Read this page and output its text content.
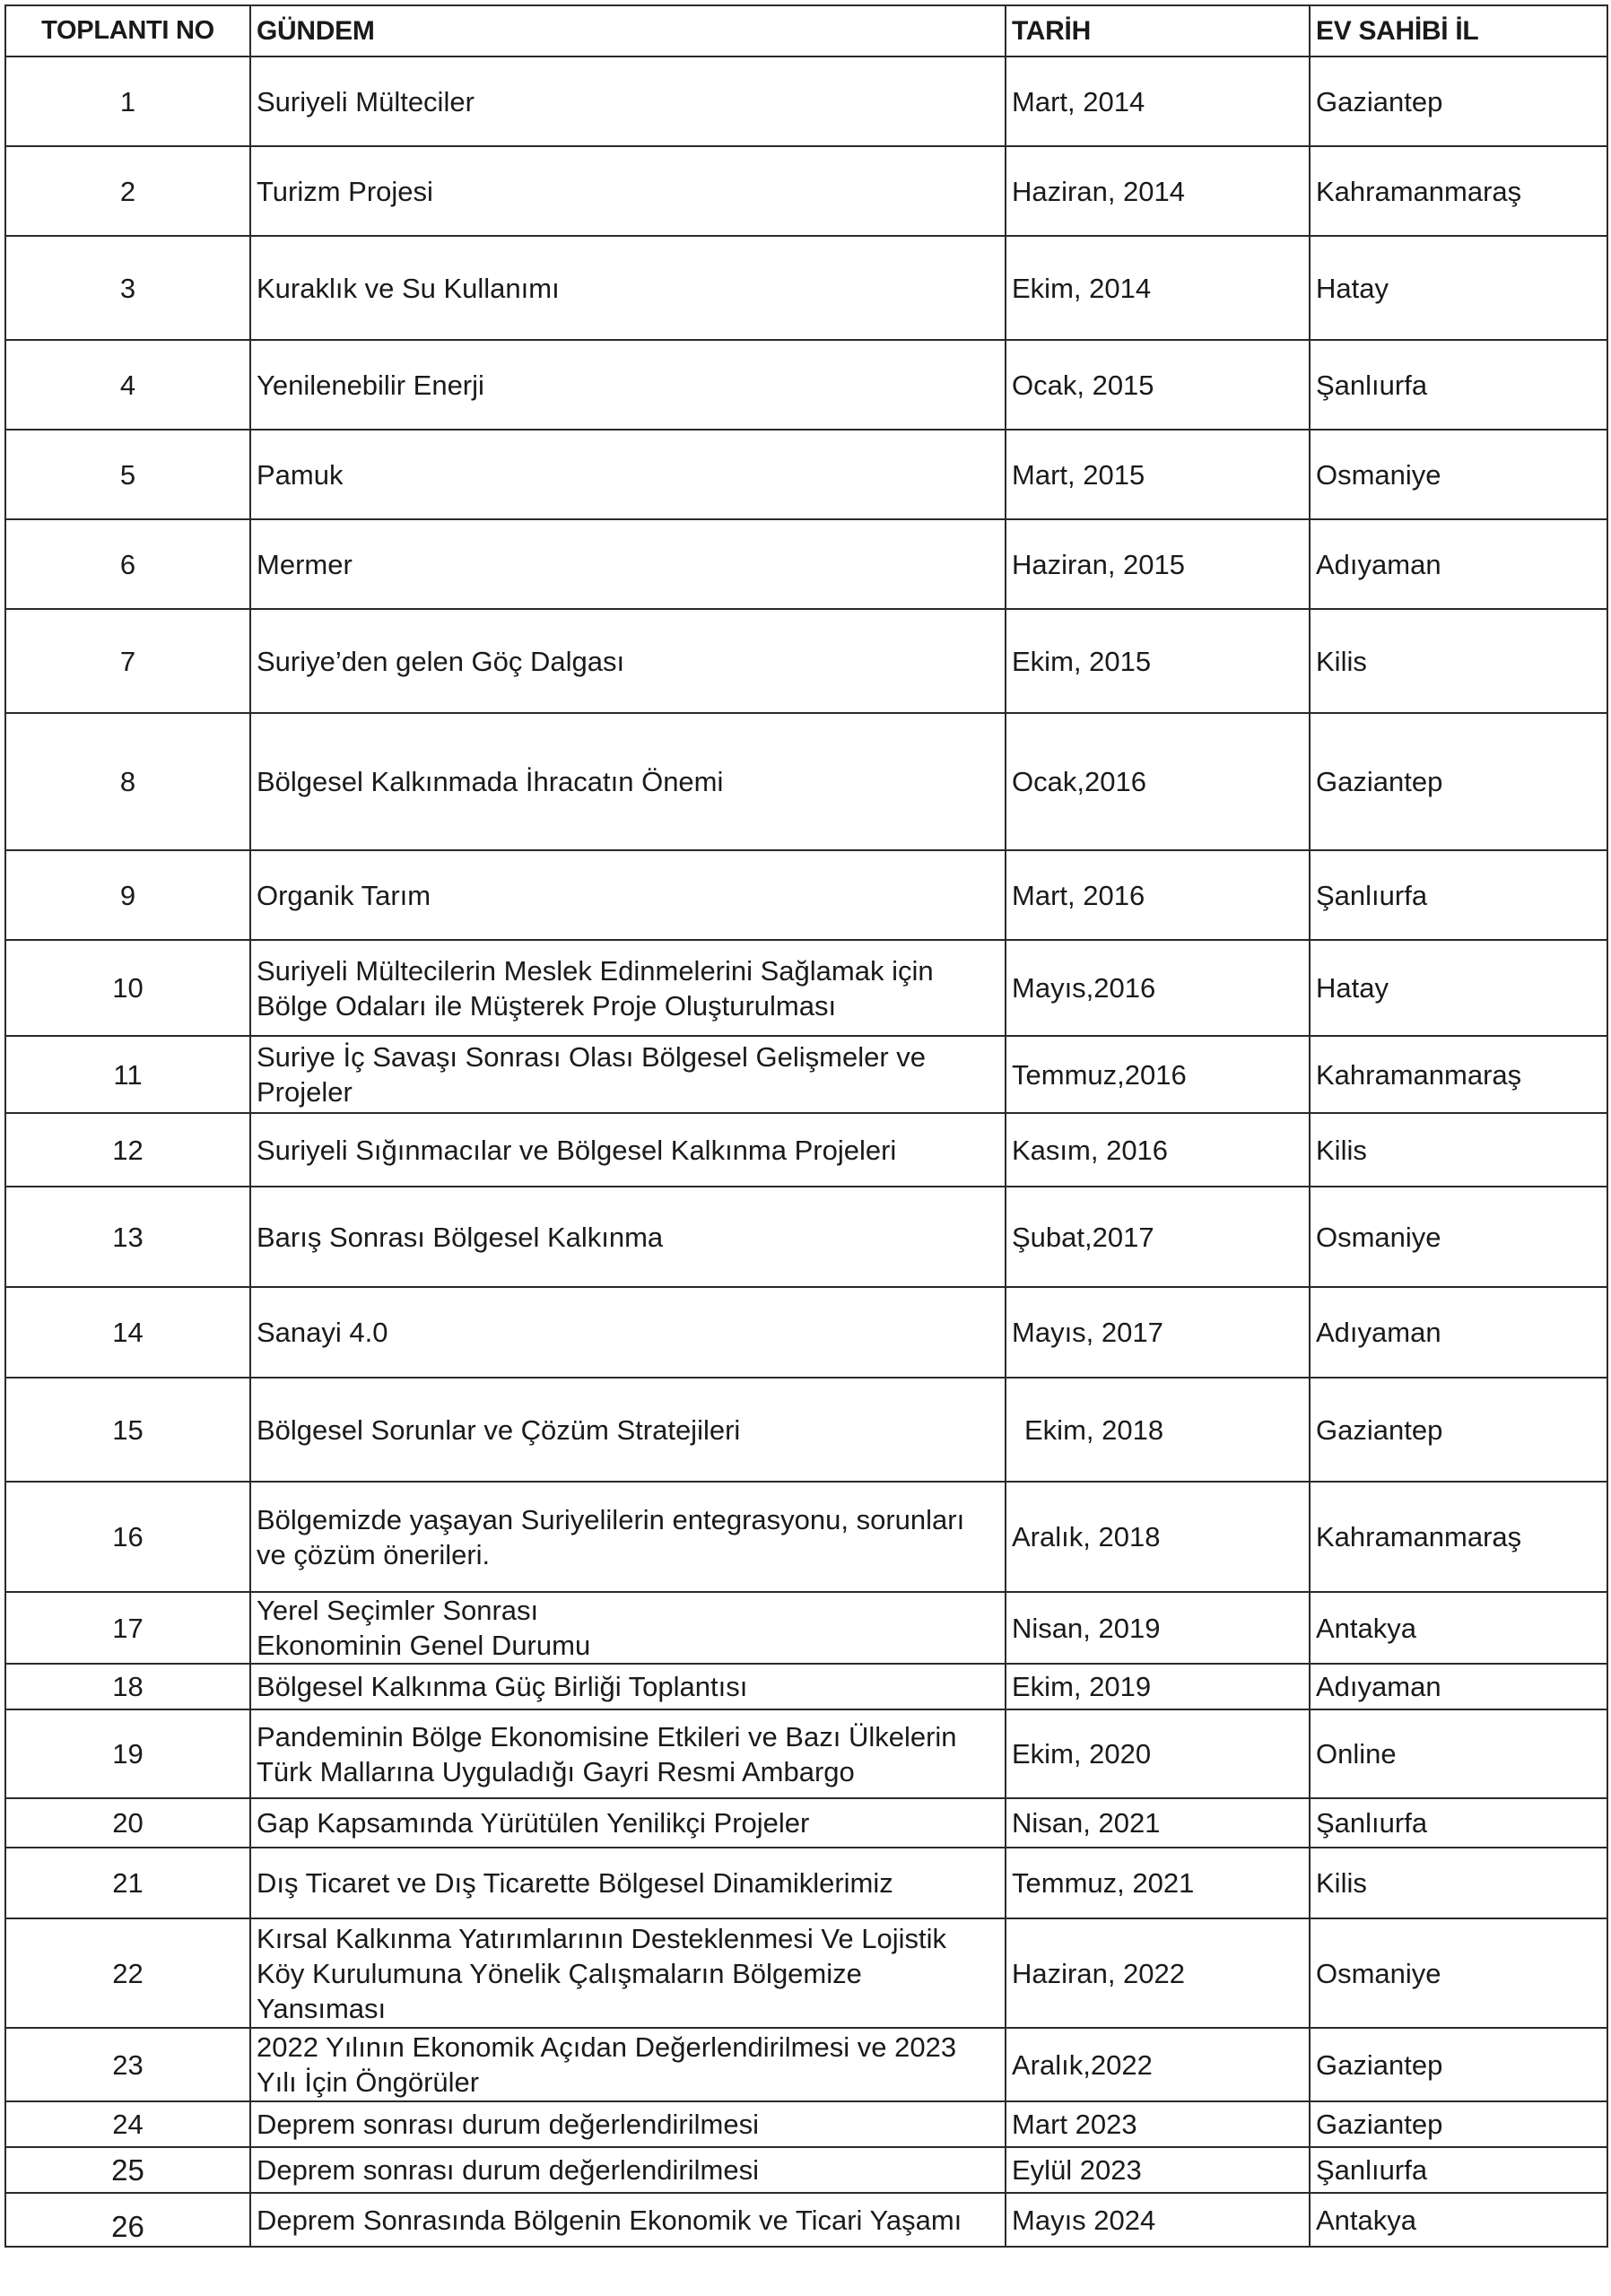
TOPLANTI NO	GÜNDEM	TARİH	EV SAHİBİ İL
1	Suriyeli Mülteciler	Mart, 2014	Gaziantep
2	Turizm Projesi	Haziran, 2014	Kahramanmaraş
3	Kuraklık ve Su Kullanımı	Ekim, 2014	Hatay
4	Yenilenebilir Enerji	Ocak, 2015	Şanlıurfa
5	Pamuk	Mart, 2015	Osmaniye
6	Mermer	Haziran, 2015	Adıyaman
7	Suriye’den gelen Göç Dalgası	Ekim, 2015	Kilis
8	Bölgesel Kalkınmada İhracatın Önemi	Ocak,2016	Gaziantep
9	Organik Tarım	Mart, 2016	Şanlıurfa
10	Suriyeli Mültecilerin Meslek Edinmelerini Sağlamak için
Bölge Odaları ile Müşterek Proje Oluşturulması	Mayıs,2016	Hatay
11	Suriye İç Savaşı Sonrası Olası Bölgesel Gelişmeler ve
Projeler	Temmuz,2016	Kahramanmaraş
12	Suriyeli Sığınmacılar ve Bölgesel Kalkınma Projeleri	Kasım, 2016	Kilis
13	Barış Sonrası Bölgesel Kalkınma	Şubat,2017	Osmaniye
14	Sanayi 4.0	Mayıs, 2017	Adıyaman
15	Bölgesel Sorunlar ve Çözüm Stratejileri	Ekim, 2018	Gaziantep
16	Bölgemizde yaşayan Suriyelilerin entegrasyonu, sorunları
ve çözüm önerileri.	Aralık, 2018	Kahramanmaraş
17	Yerel Seçimler Sonrası
Ekonominin Genel Durumu	Nisan, 2019	Antakya
18	Bölgesel Kalkınma Güç Birliği Toplantısı	Ekim, 2019	Adıyaman
19	Pandeminin Bölge Ekonomisine Etkileri ve Bazı Ülkelerin
Türk Mallarına Uyguladığı Gayri Resmi Ambargo	Ekim, 2020	Online
20	Gap Kapsamında Yürütülen Yenilikçi Projeler	Nisan, 2021	Şanlıurfa
21	Dış Ticaret ve Dış Ticarette Bölgesel Dinamiklerimiz	Temmuz, 2021	Kilis
22	Kırsal Kalkınma Yatırımlarının Desteklenmesi Ve Lojistik
Köy Kurulumuna Yönelik Çalışmaların Bölgemize
Yansıması	Haziran, 2022	Osmaniye
23	2022 Yılının Ekonomik Açıdan Değerlendirilmesi ve 2023
Yılı İçin Öngörüler	Aralık,2022	Gaziantep
24	Deprem sonrası durum değerlendirilmesi	Mart 2023	Gaziantep
25	Deprem sonrası durum değerlendirilmesi	Eylül 2023	Şanlıurfa
26	Deprem Sonrasında Bölgenin Ekonomik ve Ticari Yaşamı	Mayıs 2024	Antakya
